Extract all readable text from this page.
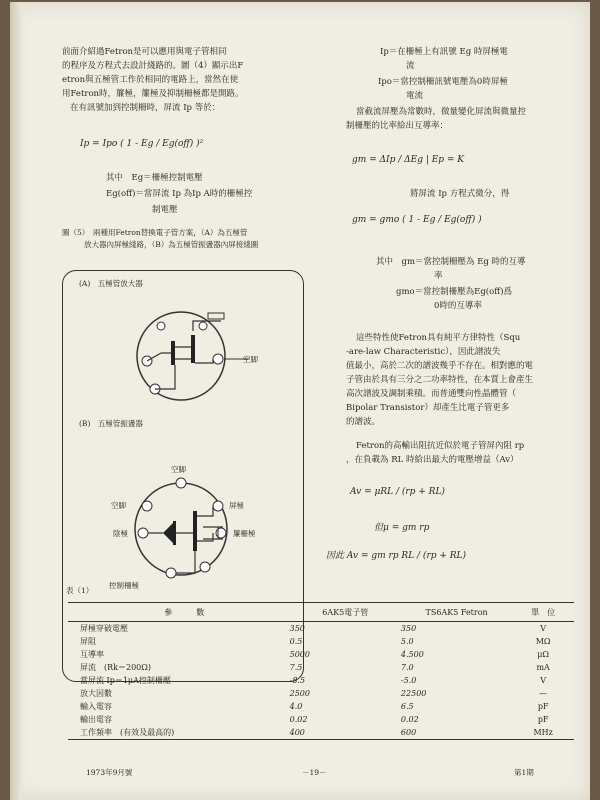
前面介紹過Fetron是可以應用與電子管相同
的程序及方程式去設計綫路的。圖（4）顯示出F
etron與五極管工作於相同的電路上，當然在使
用Fetron時，簾極，簾極及抑制柵極都是開路。
在有訊號加到控制柵時，屏流 Ip 等於：
Ip = Ipo ( 1 - Eg / Eg(off) )²
其中　Eg＝柵極控制電壓
Eg(off)＝當屏流 Ip 為Ip A時的柵極控
制電壓
圖（5）　兩種用Fetron替換電子管方案，（A）為五極管
放大器內屏極綫路，（B）為五極管振盪器內屏接綫圖
(A)　五極管放大器
空脚
(B)　五極管振盪器
空脚
空脚	屏極
簾柵極
陰極
控制柵極
Ip＝在柵極上有訊號 Eg 時屏極電
流
Ipo＝當控制柵訊號電壓為0時屏極
電流
當截流屏壓為常數時，微量變化屏流與微量控
制柵壓的比率給出互導率：
gm = ΔIp / ΔEg | Ep = K
將屏流 Ip 方程式微分，得
gm = gmo ( 1 - Eg / Eg(off) )
其中　gm＝當控制柵壓為 Eg 時的互導
率
gmo＝當控制柵壓為Eg(off)爲
0時的互導率
這些特性使Fetron具有純平方律特性（Squ
-are-law Characteristic），因此譜波失
值最小，高於二次的譜波幾乎不存在。相對應的電
子管由於具有三分之二功率特性，在本質上會產生
高次譜波及調制乘積。而普通雙向性晶體管（
Bipolar Transistor）却產生比電子管更多
的譜波。
Fetron的高輸出阻抗近似於電子管屏內阻 rp
，在負載為 RL 時給出最大的電壓增益（Av）
Av = μRL / (rp + RL)
但μ = gm rp
因此 Av = gm rp RL / (rp + RL)
表（1）
參　　　數	6AK5電子管	TS6AK5 Fetron	單　位
屏極穿破電壓	350	350	V
屏阻	0.5	5.0	MΩ
互導率	5000	4.500	μΩ
屏流　(Rk＝200Ω)	7.5	7.0	mA
當屏流 Ip＝1μA控制柵壓	-8.5	-5.0	V
放大因數	2500	22500	—
輸入電容	4.0	6.5	pF
輸出電容	0.02	0.02	pF
工作頻率　(有效及最高的)	400	600	MHz
1973年9月號	－19－	第1期
